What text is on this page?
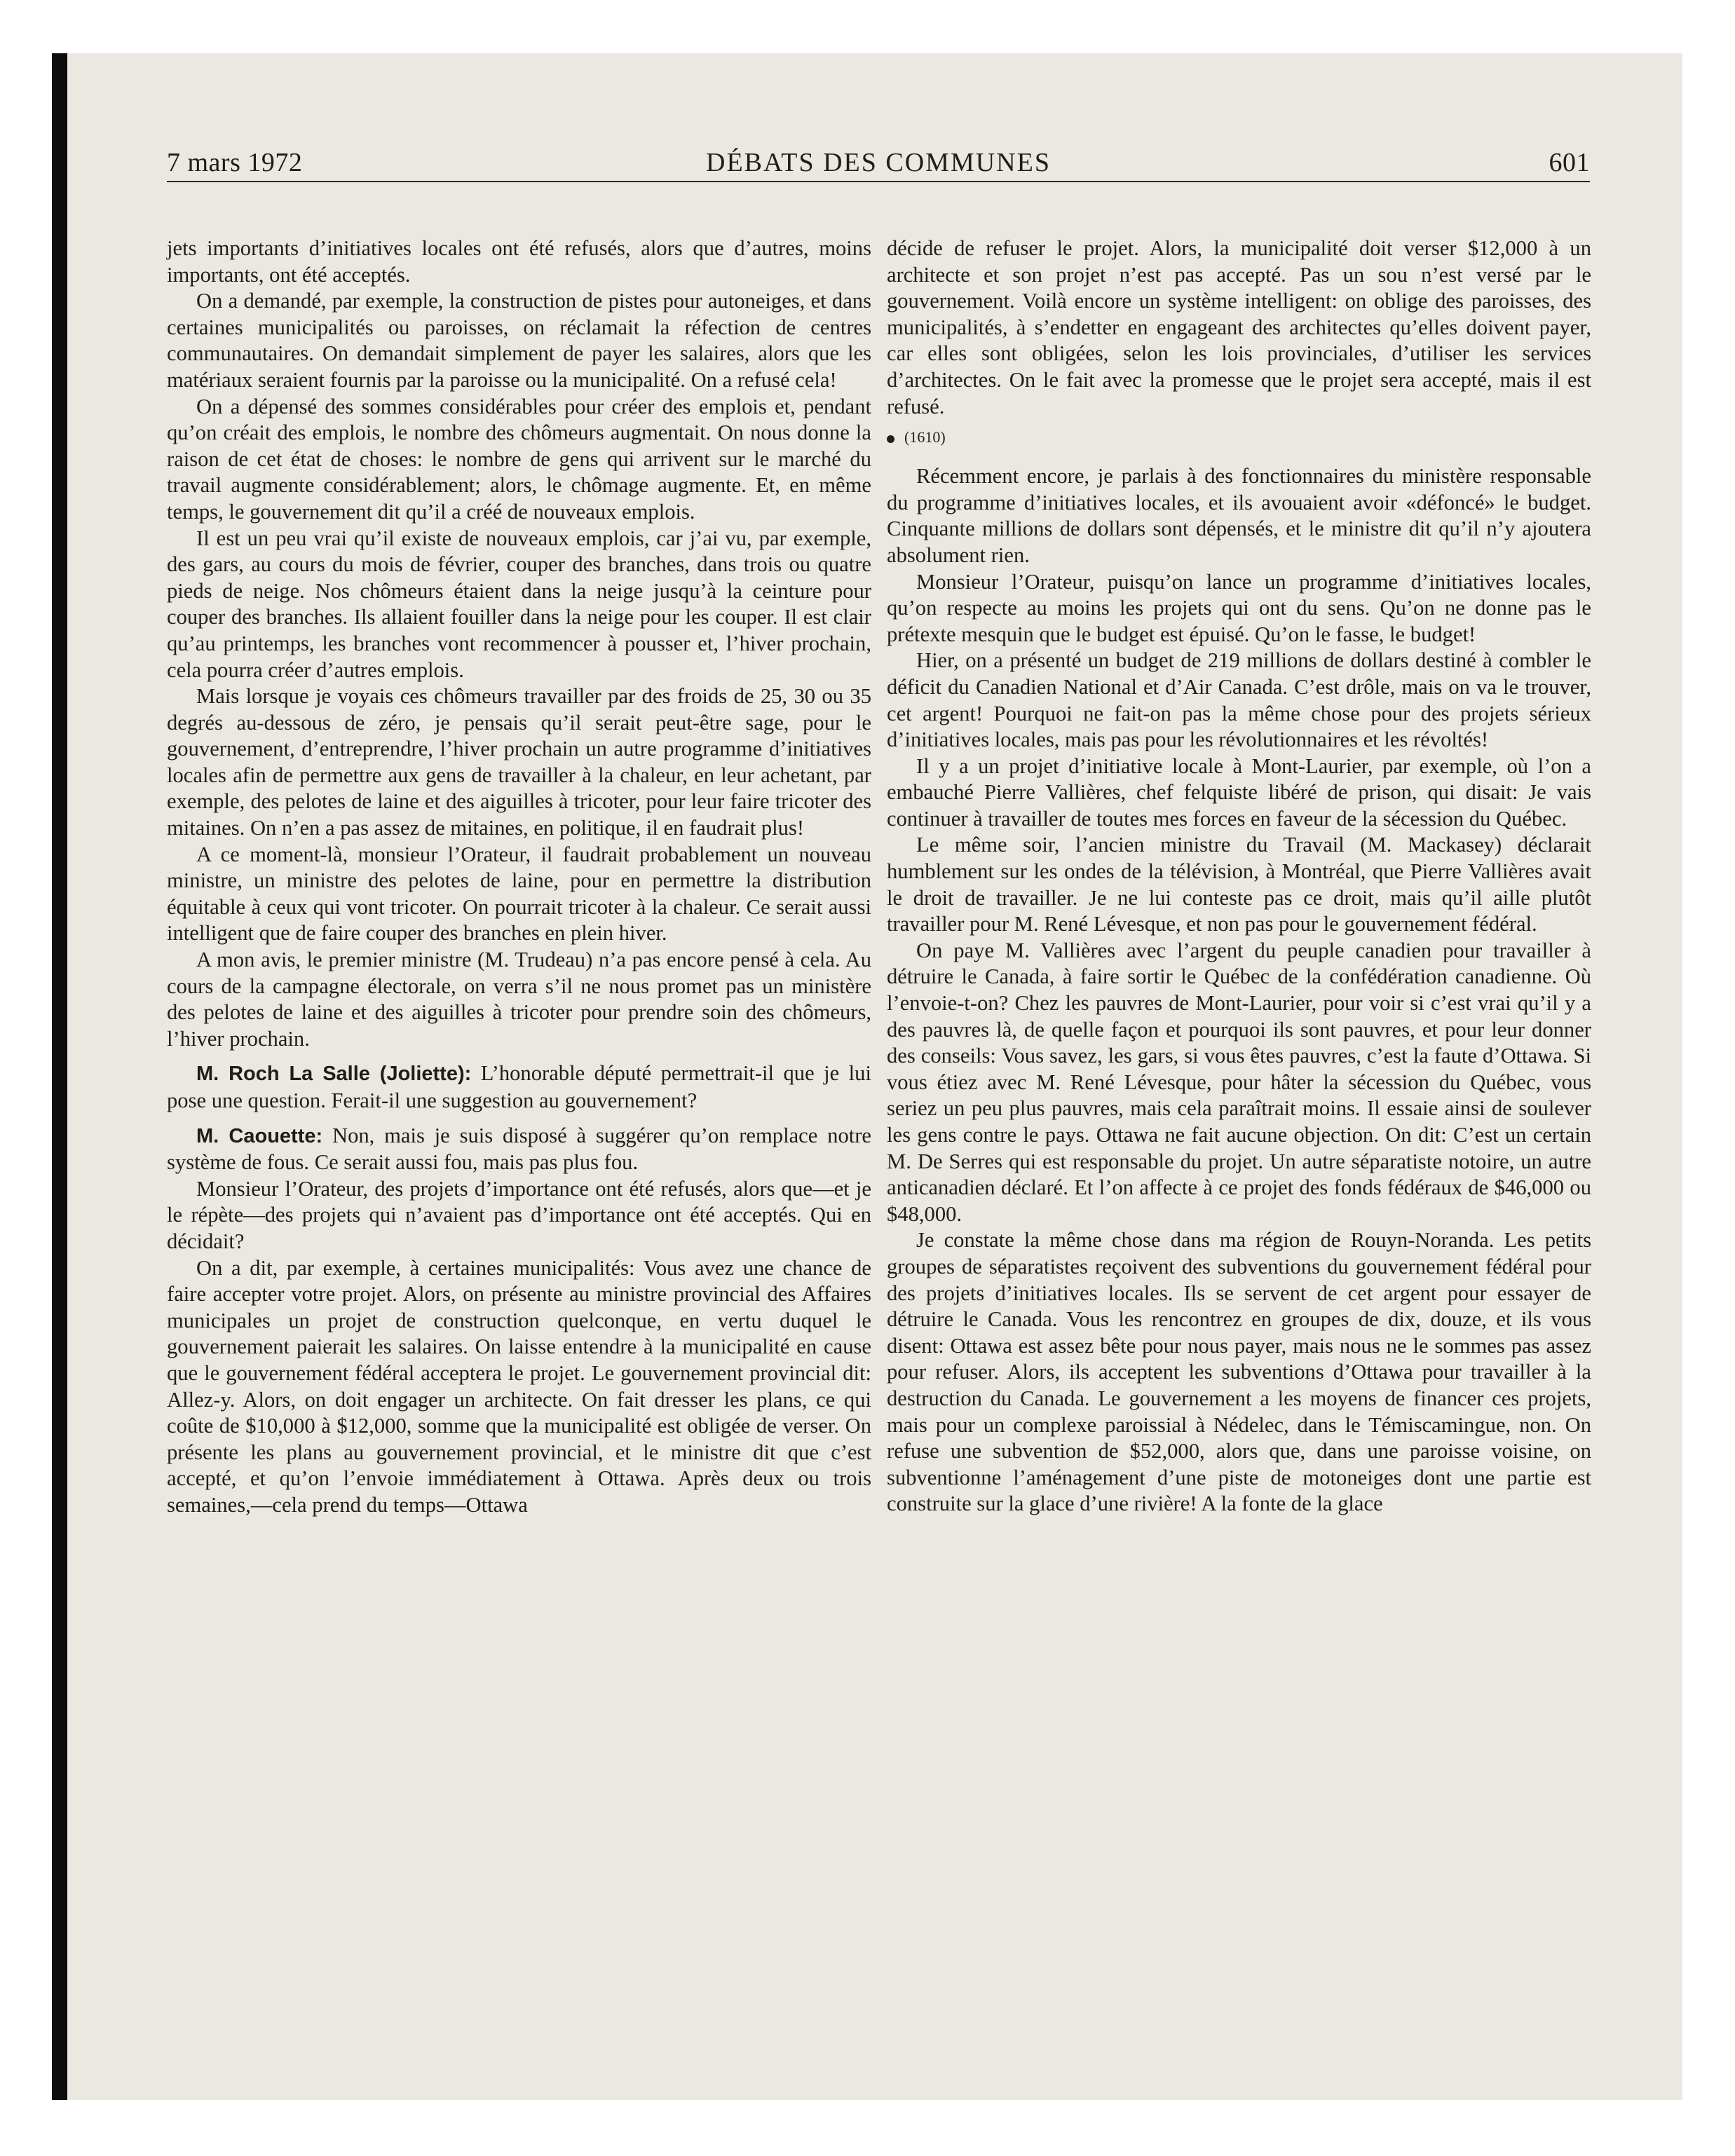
7 mars 1972	DÉBATS DES COMMUNES	601

jets importants d’initiatives locales ont été refusés, alors que d’autres, moins importants, ont été acceptés.

On a demandé, par exemple, la construction de pistes pour autoneiges, et dans certaines municipalités ou paroisses, on réclamait la réfection de centres communautaires. On demandait simplement de payer les salaires, alors que les matériaux seraient fournis par la paroisse ou la municipalité. On a refusé cela!

On a dépensé des sommes considérables pour créer des emplois et, pendant qu’on créait des emplois, le nombre des chômeurs augmentait. On nous donne la raison de cet état de choses: le nombre de gens qui arrivent sur le marché du travail augmente considérablement; alors, le chômage augmente. Et, en même temps, le gouvernement dit qu’il a créé de nouveaux emplois.

Il est un peu vrai qu’il existe de nouveaux emplois, car j’ai vu, par exemple, des gars, au cours du mois de février, couper des branches, dans trois ou quatre pieds de neige. Nos chômeurs étaient dans la neige jusqu’à la ceinture pour couper des branches. Ils allaient fouiller dans la neige pour les couper. Il est clair qu’au printemps, les branches vont recommencer à pousser et, l’hiver prochain, cela pourra créer d’autres emplois.

Mais lorsque je voyais ces chômeurs travailler par des froids de 25, 30 ou 35 degrés au-dessous de zéro, je pensais qu’il serait peut-être sage, pour le gouvernement, d’entreprendre, l’hiver prochain un autre programme d’initiatives locales afin de permettre aux gens de travailler à la chaleur, en leur achetant, par exemple, des pelotes de laine et des aiguilles à tricoter, pour leur faire tricoter des mitaines. On n’en a pas assez de mitaines, en politique, il en faudrait plus!

A ce moment-là, monsieur l’Orateur, il faudrait probablement un nouveau ministre, un ministre des pelotes de laine, pour en permettre la distribution équitable à ceux qui vont tricoter. On pourrait tricoter à la chaleur. Ce serait aussi intelligent que de faire couper des branches en plein hiver.

A mon avis, le premier ministre (M. Trudeau) n’a pas encore pensé à cela. Au cours de la campagne électorale, on verra s’il ne nous promet pas un ministère des pelotes de laine et des aiguilles à tricoter pour prendre soin des chômeurs, l’hiver prochain.

M. Roch La Salle (Joliette): L’honorable député permettrait-il que je lui pose une question. Ferait-il une suggestion au gouvernement?

M. Caouette: Non, mais je suis disposé à suggérer qu’on remplace notre système de fous. Ce serait aussi fou, mais pas plus fou.

Monsieur l’Orateur, des projets d’importance ont été refusés, alors que—et je le répète—des projets qui n’avaient pas d’importance ont été acceptés. Qui en décidait?

On a dit, par exemple, à certaines municipalités: Vous avez une chance de faire accepter votre projet. Alors, on présente au ministre provincial des Affaires municipales un projet de construction quelconque, en vertu duquel le gouvernement paierait les salaires. On laisse entendre à la municipalité en cause que le gouvernement fédéral acceptera le projet. Le gouvernement provincial dit: Allez-y. Alors, on doit engager un architecte. On fait dresser les plans, ce qui coûte de $10,000 à $12,000, somme que la municipalité est obligée de verser. On présente les plans au gouvernement provincial, et le ministre dit que c’est accepté, et qu’on l’envoie immédiatement à Ottawa. Après deux ou trois semaines,—cela prend du temps—Ottawa

décide de refuser le projet. Alors, la municipalité doit verser $12,000 à un architecte et son projet n’est pas accepté. Pas un sou n’est versé par le gouvernement. Voilà encore un système intelligent: on oblige des paroisses, des municipalités, à s’endetter en engageant des architectes qu’elles doivent payer, car elles sont obligées, selon les lois provinciales, d’utiliser les services d’architectes. On le fait avec la promesse que le projet sera accepté, mais il est refusé.

(1610)

Récemment encore, je parlais à des fonctionnaires du ministère responsable du programme d’initiatives locales, et ils avouaient avoir «défoncé» le budget. Cinquante millions de dollars sont dépensés, et le ministre dit qu’il n’y ajoutera absolument rien.

Monsieur l’Orateur, puisqu’on lance un programme d’initiatives locales, qu’on respecte au moins les projets qui ont du sens. Qu’on ne donne pas le prétexte mesquin que le budget est épuisé. Qu’on le fasse, le budget!

Hier, on a présenté un budget de 219 millions de dollars destiné à combler le déficit du Canadien National et d’Air Canada. C’est drôle, mais on va le trouver, cet argent! Pourquoi ne fait-on pas la même chose pour des projets sérieux d’initiatives locales, mais pas pour les révolutionnaires et les révoltés!

Il y a un projet d’initiative locale à Mont-Laurier, par exemple, où l’on a embauché Pierre Vallières, chef felquiste libéré de prison, qui disait: Je vais continuer à travailler de toutes mes forces en faveur de la sécession du Québec.

Le même soir, l’ancien ministre du Travail (M. Mackasey) déclarait humblement sur les ondes de la télévision, à Montréal, que Pierre Vallières avait le droit de travailler. Je ne lui conteste pas ce droit, mais qu’il aille plutôt travailler pour M. René Lévesque, et non pas pour le gouvernement fédéral.

On paye M. Vallières avec l’argent du peuple canadien pour travailler à détruire le Canada, à faire sortir le Québec de la confédération canadienne. Où l’envoie-t-on? Chez les pauvres de Mont-Laurier, pour voir si c’est vrai qu’il y a des pauvres là, de quelle façon et pourquoi ils sont pauvres, et pour leur donner des conseils: Vous savez, les gars, si vous êtes pauvres, c’est la faute d’Ottawa. Si vous étiez avec M. René Lévesque, pour hâter la sécession du Québec, vous seriez un peu plus pauvres, mais cela paraîtrait moins. Il essaie ainsi de soulever les gens contre le pays. Ottawa ne fait aucune objection. On dit: C’est un certain M. De Serres qui est responsable du projet. Un autre séparatiste notoire, un autre anticanadien déclaré. Et l’on affecte à ce projet des fonds fédéraux de $46,000 ou $48,000.

Je constate la même chose dans ma région de Rouyn-Noranda. Les petits groupes de séparatistes reçoivent des subventions du gouvernement fédéral pour des projets d’initiatives locales. Ils se servent de cet argent pour essayer de détruire le Canada. Vous les rencontrez en groupes de dix, douze, et ils vous disent: Ottawa est assez bête pour nous payer, mais nous ne le sommes pas assez pour refuser. Alors, ils acceptent les subventions d’Ottawa pour travailler à la destruction du Canada. Le gouvernement a les moyens de financer ces projets, mais pour un complexe paroissial à Nédelec, dans le Témiscamingue, non. On refuse une subvention de $52,000, alors que, dans une paroisse voisine, on subventionne l’aménagement d’une piste de motoneiges dont une partie est construite sur la glace d’une rivière! A la fonte de la glace
